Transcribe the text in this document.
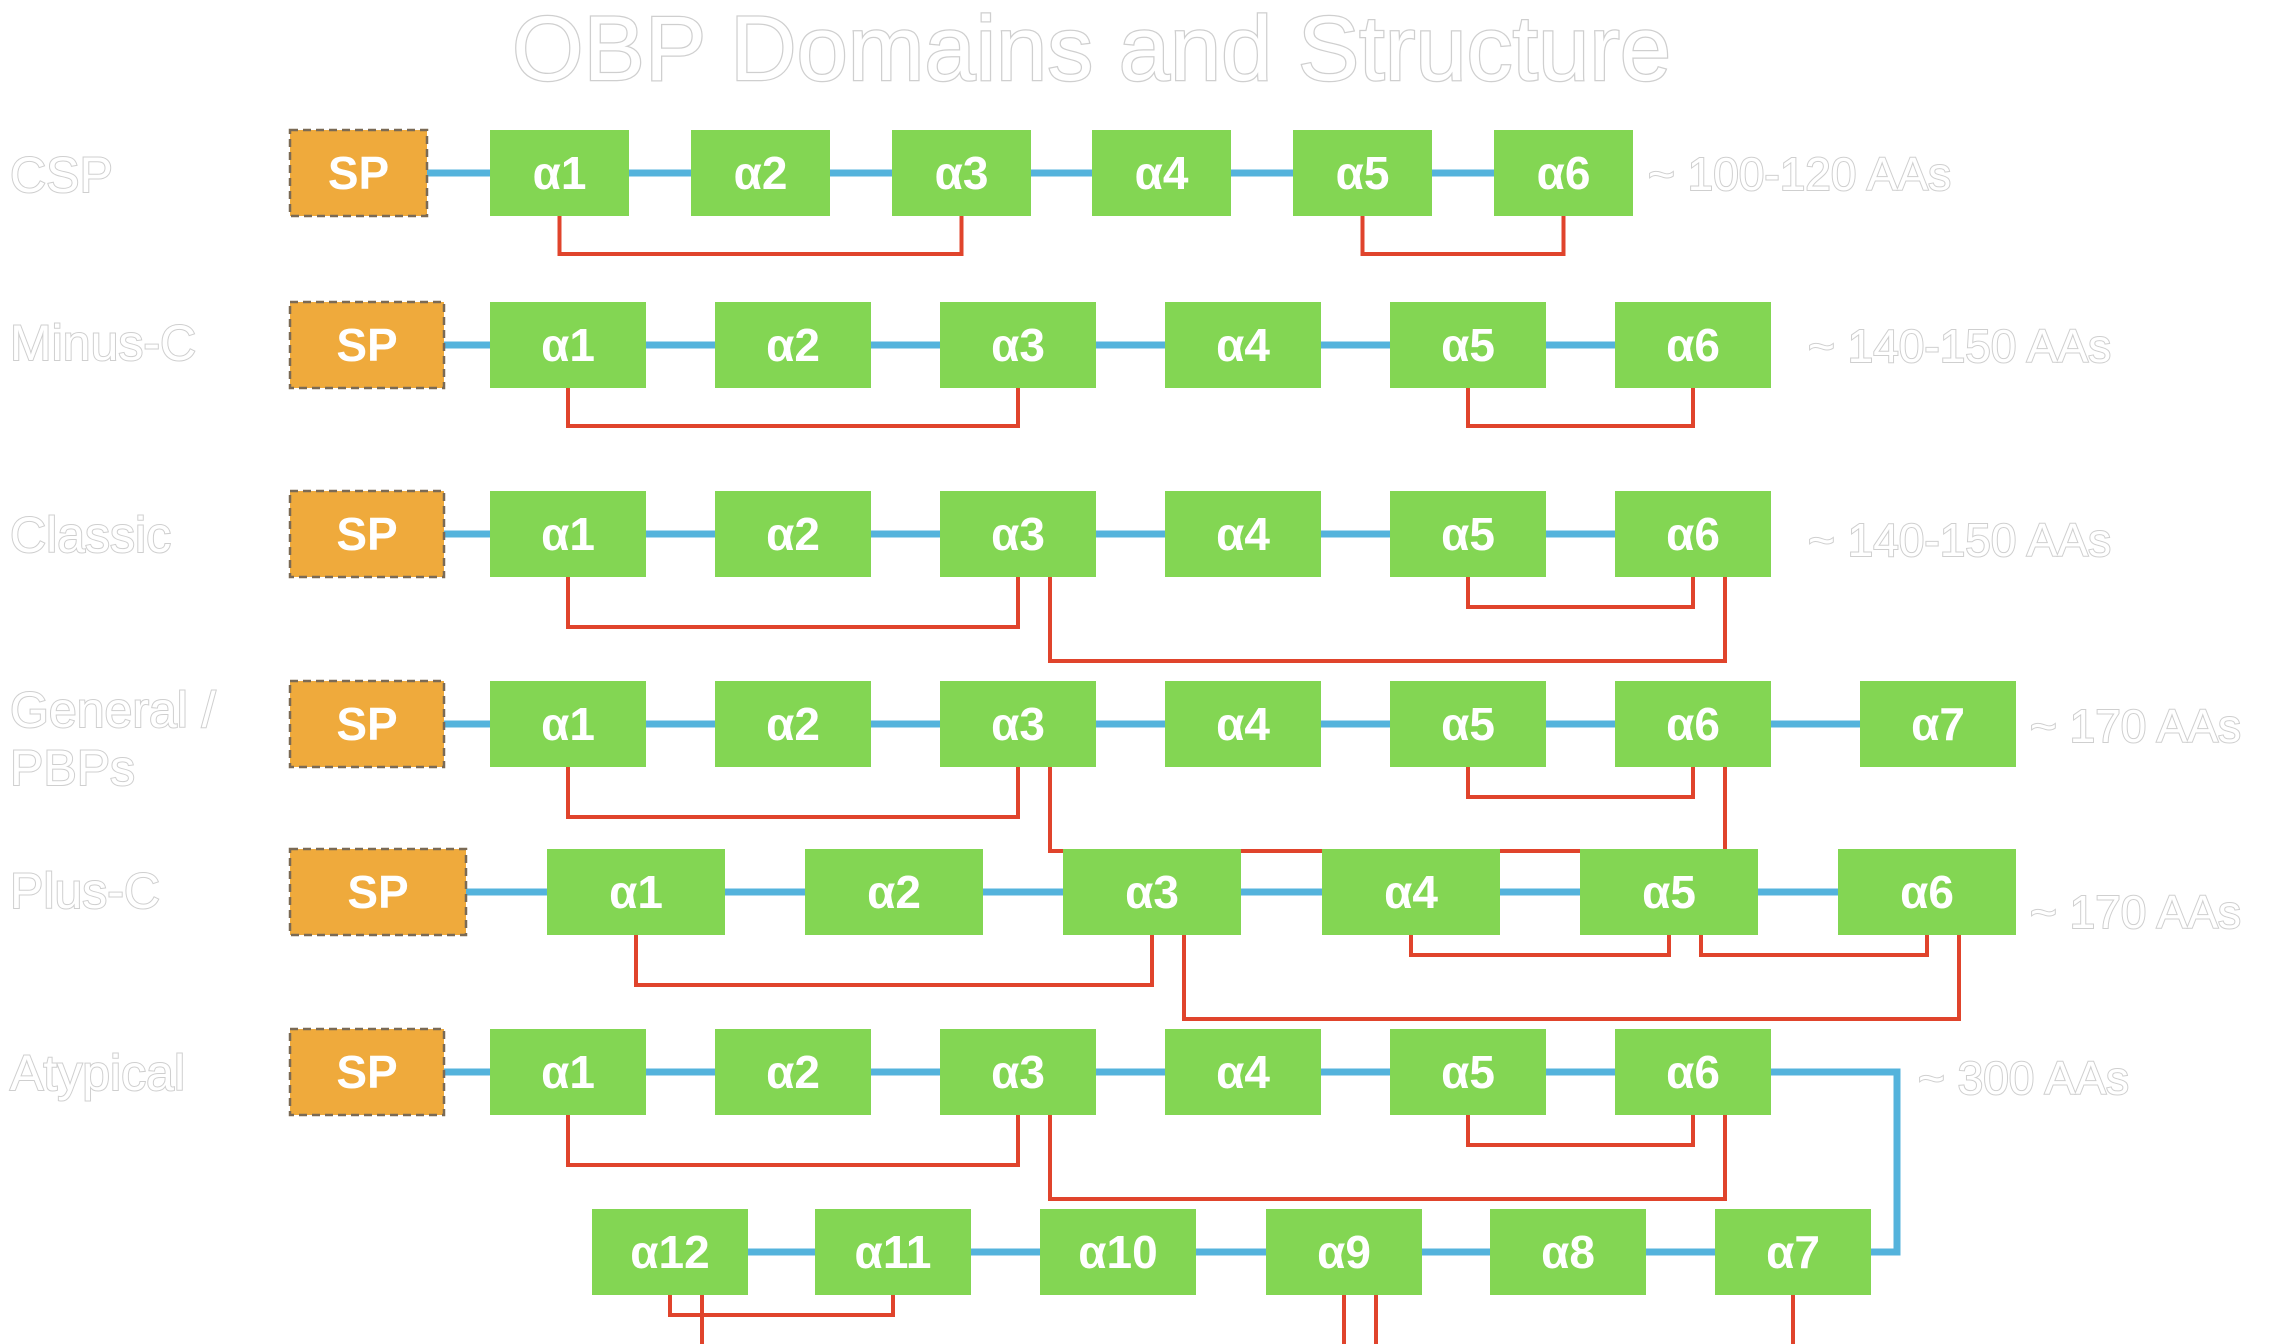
OBP Domains and Structure
CSP	SP	α1	α2	α3	α4	α5	α6 ~ 100-120 AAs
Minus-C	SP	α1	α2	α3	α4	α5	α6 ~ 140-150 AAs
Classic	SP	α1	α2	α3	α4	α5	α6 ~ 140-150 AAs
General /
PBPs
SP	α1	α2	α3	α4	α5	α6	α7 ~ 170 AAs
Plus-C	SP	α1	α2	α3	α4	α5	α6 ~ 170 AAs
Atypical	SP	α1	α2	α3	α4	α5	α6
α12	α11	α10	α9	α8	α7
~ 300 AAs
